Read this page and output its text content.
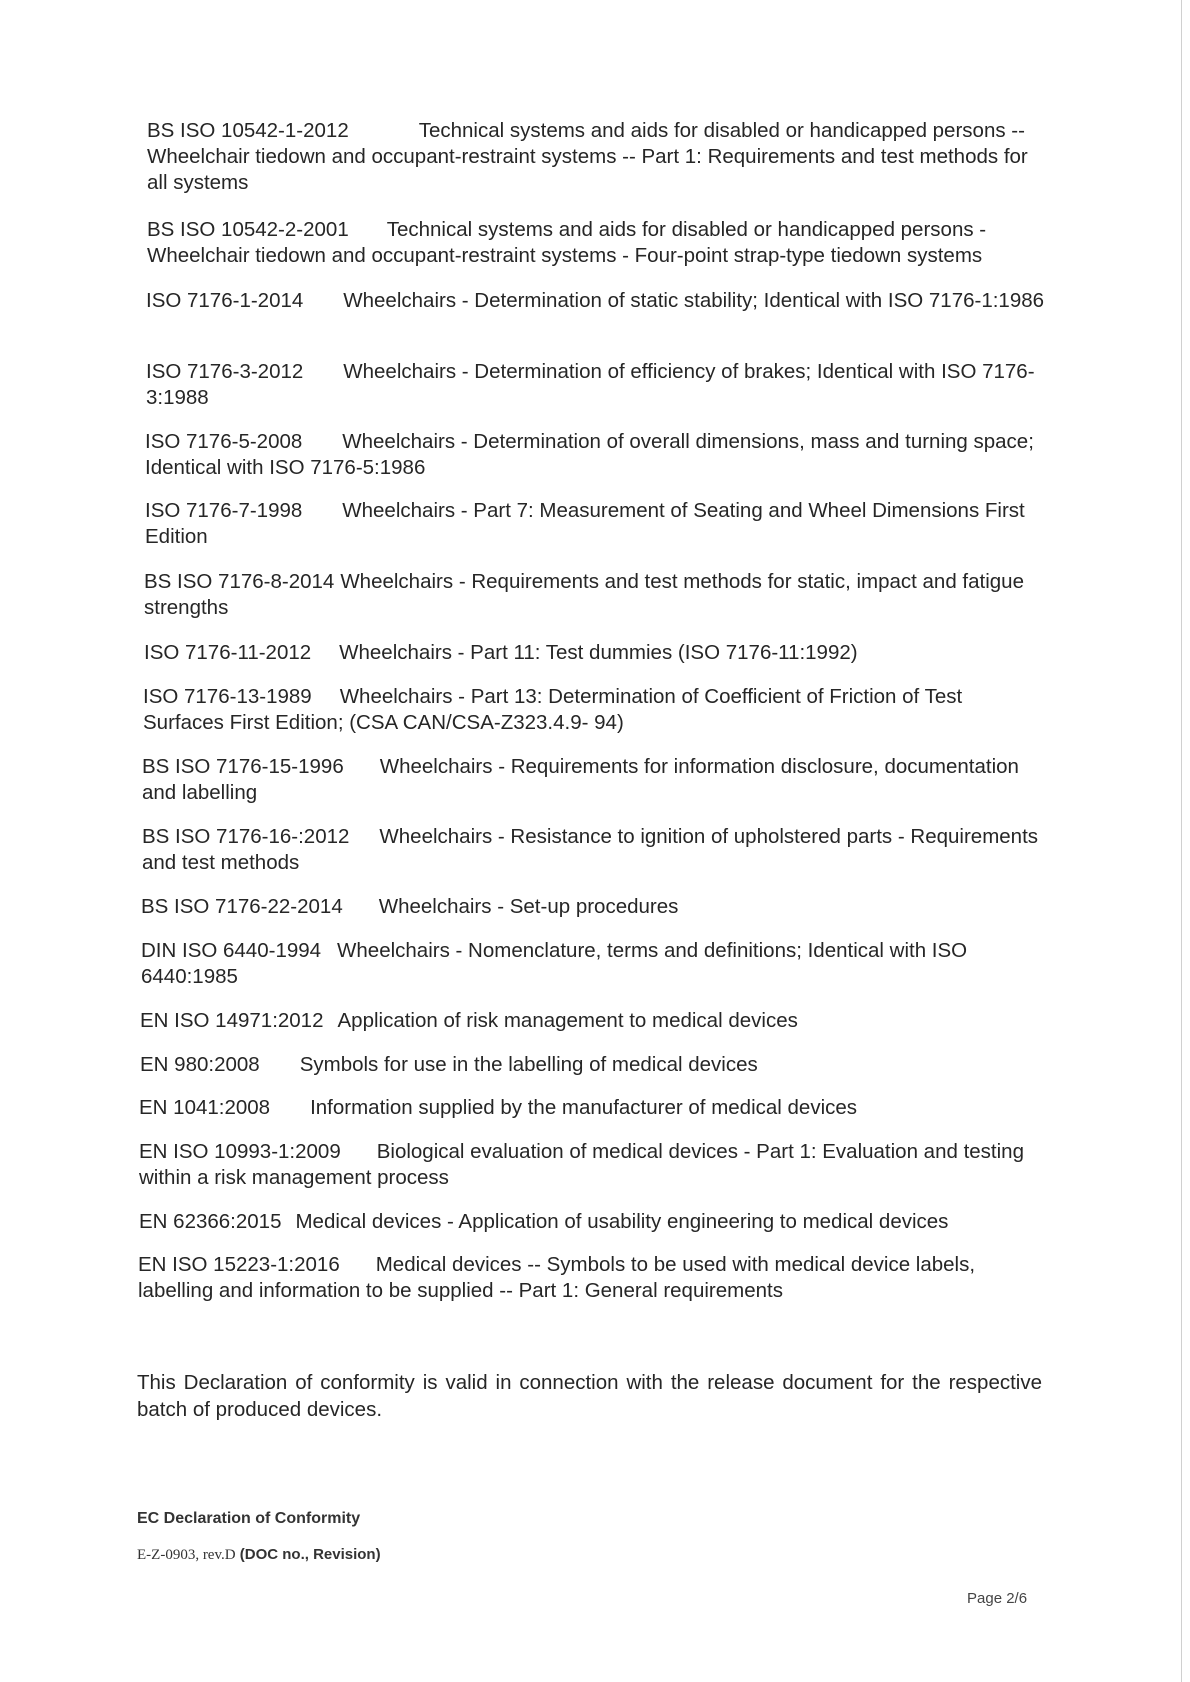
BS ISO 10542-1-2012	Technical systems and aids for disabled or handicapped persons -- Wheelchair tiedown and occupant-restraint systems -- Part 1: Requirements and test methods for all systems

BS ISO 10542-2-2001 Technical systems and aids for disabled or handicapped persons - Wheelchair tiedown and occupant-restraint systems - Four-point strap-type tiedown systems

ISO 7176-1-2014 Wheelchairs - Determination of static stability; Identical with ISO 7176-1:1986

ISO 7176-3-2012 Wheelchairs - Determination of efficiency of brakes; Identical with ISO 7176-3:1988

ISO 7176-5-2008 Wheelchairs - Determination of overall dimensions, mass and turning space; Identical with ISO 7176-5:1986

ISO 7176-7-1998 Wheelchairs - Part 7: Measurement of Seating and Wheel Dimensions First Edition

BS ISO 7176-8-2014 Wheelchairs - Requirements and test methods for static, impact and fatigue strengths

ISO 7176-11-2012 Wheelchairs - Part 11: Test dummies (ISO 7176-11:1992)

ISO 7176-13-1989 Wheelchairs - Part 13: Determination of Coefficient of Friction of Test Surfaces First Edition; (CSA CAN/CSA-Z323.4.9- 94)

BS ISO 7176-15-1996 Wheelchairs - Requirements for information disclosure, documentation and labelling

BS ISO 7176-16-:2012 Wheelchairs - Resistance to ignition of upholstered parts - Requirements and test methods

BS ISO 7176-22-2014 Wheelchairs - Set-up procedures

DIN ISO 6440-1994 Wheelchairs - Nomenclature, terms and definitions; Identical with ISO 6440:1985

EN ISO 14971:2012 Application of risk management to medical devices

EN 980:2008 Symbols for use in the labelling of medical devices

EN 1041:2008 Information supplied by the manufacturer of medical devices

EN ISO 10993-1:2009 Biological evaluation of medical devices - Part 1: Evaluation and testing within a risk management process

EN 62366:2015 Medical devices - Application of usability engineering to medical devices

EN ISO 15223-1:2016 Medical devices -- Symbols to be used with medical device labels, labelling and information to be supplied -- Part 1: General requirements

This Declaration of conformity is valid in connection with the release document for the respective batch of produced devices.

EC Declaration of Conformity

E-Z-0903, rev.D (DOC no., Revision)

Page 2/6
